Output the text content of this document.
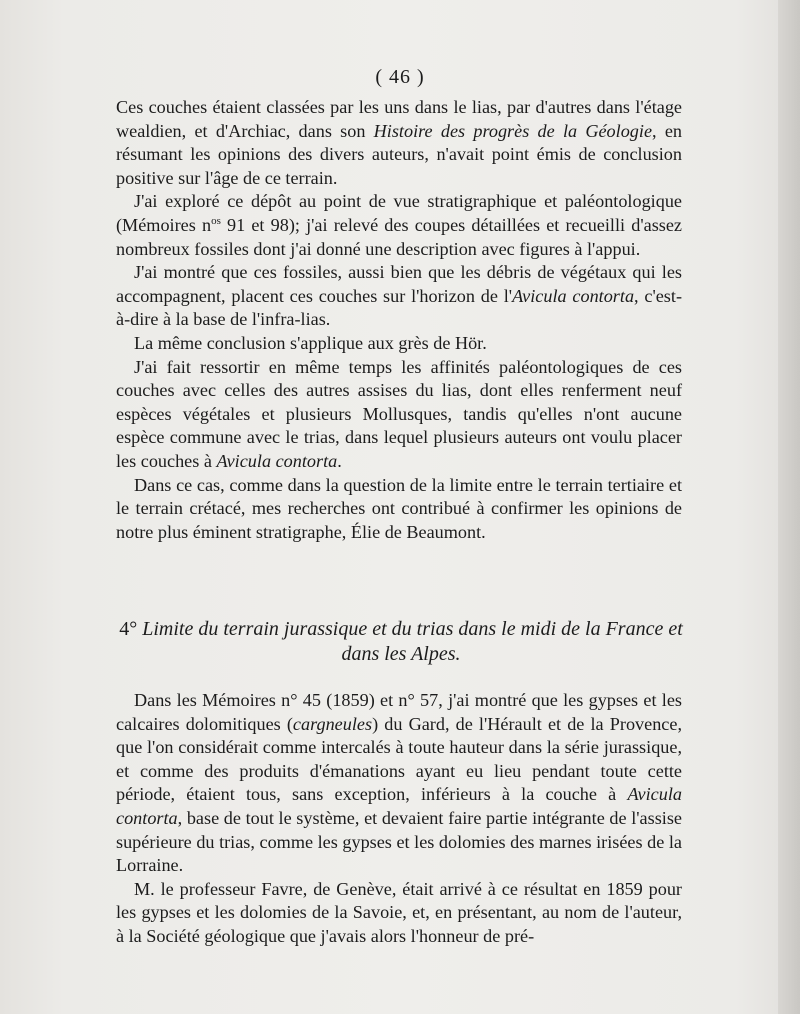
( 46 )

Ces couches étaient classées par les uns dans le lias, par d'autres dans l'étage wealdien, et d'Archiac, dans son Histoire des progrès de la Géologie, en résumant les opinions des divers auteurs, n'avait point émis de conclusion positive sur l'âge de ce terrain.

J'ai exploré ce dépôt au point de vue stratigraphique et paléontologique (Mémoires $n^{os}$ 91 et 98); j'ai relevé des coupes détaillées et recueilli d'assez nombreux fossiles dont j'ai donné une description avec figures à l'appui.

J'ai montré que ces fossiles, aussi bien que les débris de végétaux qui les accompagnent, placent ces couches sur l'horizon de l'Avicula contorta, c'est-à-dire à la base de l'infra-lias.

La même conclusion s'applique aux grès de Hör.

J'ai fait ressortir en même temps les affinités paléontologiques de ces couches avec celles des autres assises du lias, dont elles renferment neuf espèces végétales et plusieurs Mollusques, tandis qu'elles n'ont aucune espèce commune avec le trias, dans lequel plusieurs auteurs ont voulu placer les couches à Avicula contorta.

Dans ce cas, comme dans la question de la limite entre le terrain tertiaire et le terrain crétacé, mes recherches ont contribué à confirmer les opinions de notre plus éminent stratigraphe, Élie de Beaumont.

4° Limite du terrain jurassique et du trias dans le midi de la France et dans les Alpes.

Dans les Mémoires n° 45 (1859) et n° 57, j'ai montré que les gypses et les calcaires dolomitiques (cargneules) du Gard, de l'Hérault et de la Provence, que l'on considérait comme intercalés à toute hauteur dans la série jurassique, et comme des produits d'émanations ayant eu lieu pendant toute cette période, étaient tous, sans exception, inférieurs à la couche à Avicula contorta, base de tout le système, et devaient faire partie intégrante de l'assise supérieure du trias, comme les gypses et les dolomies des marnes irisées de la Lorraine.

M. le professeur Favre, de Genève, était arrivé à ce résultat en 1859 pour les gypses et les dolomies de la Savoie, et, en présentant, au nom de l'auteur, à la Société géologique que j'avais alors l'honneur de pré-
